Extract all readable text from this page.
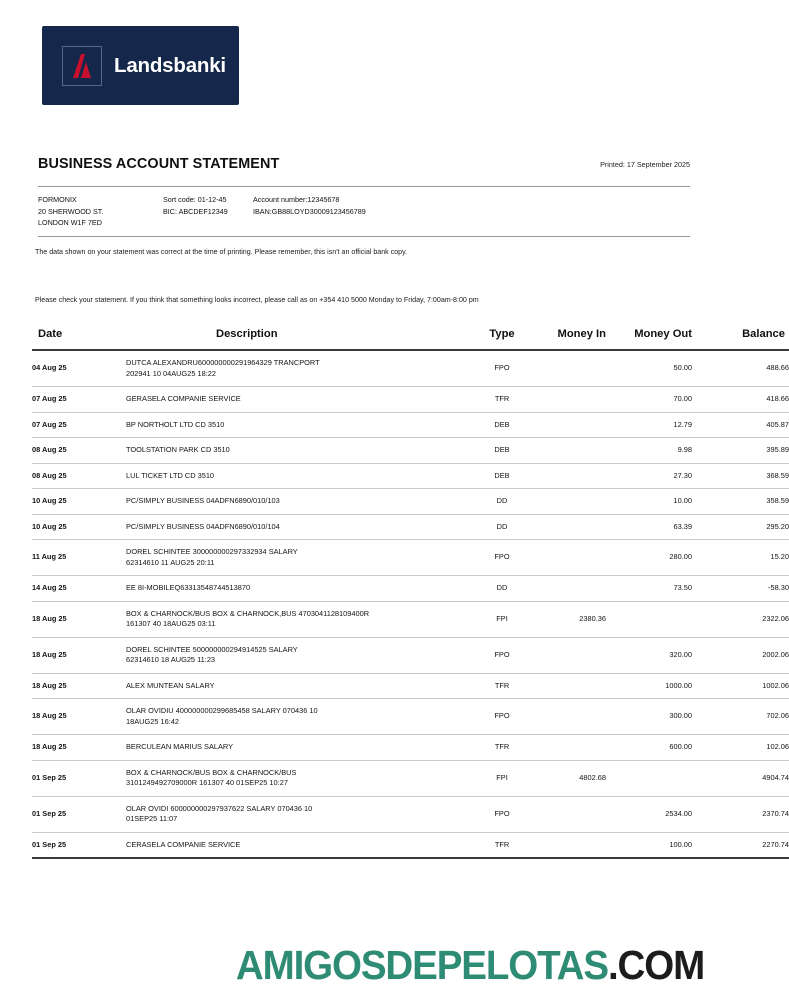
Landsbanki
BUSINESS ACCOUNT STATEMENT	Printed: 17 September 2025
FORMONIX
20 SHERWOOD ST.
LONDON W1F 7ED
Sort code: 01-12-45	Account number:12345678
BIC: ABCDEF12349	IBAN:GB88LOYD30009123456789
The data shown on your statement was correct at the time of printing. Please remember, this isn't an official bank copy.
Please check your statement. If you think that something looks incorrect, please call as on +354 410 5000 Monday to Friday, 7:00am-8:00 pm
Date	Description	Type	Money In	Money Out	Balance
04 Aug 25	DUTCA ALEXANDRU600000000291964329 TRANCPORT
202941 10 04AUG25 18:22	FPO		50.00	488.66
07 Aug 25	GERASELA COMPANIE SERVICE	TFR		70.00	418.66
07 Aug 25	BP NORTHOLT LTD CD 3510	DEB		12.79	405.87
08 Aug 25	TOOLSTATION PARK CD 3510	DEB		9.98	395.89
08 Aug 25	LUL TICKET LTD CD 3510	DEB		27.30	368.59
10 Aug 25	PC/SIMPLY BUSINESS 04ADFN6890/010/103	DD		10.00	358.59
10 Aug 25	PC/SIMPLY BUSINESS 04ADFN6890/010/104	DD		63.39	295.20
11 Aug 25	DOREL SCHINTEE 300000000297332934 SALARY
62314610 11 AUG25 20:11	FPO		280.00	15.20
14 Aug 25	EE 8I-MOBILEQ63313548744513870	DD		73.50	-58.30
18 Aug 25	BOX & CHARNOCK/BUS BOX & CHARNOCK,BUS 4703041128109400R
161307 40 18AUG25 03:11	FPI	2380.36		2322.06
18 Aug 25	DOREL SCHINTEE 500000000294914525 SALARY
62314610 18 AUG25 11:23	FPO		320.00	2002.06
18 Aug 25	ALEX MUNTEAN SALARY	TFR		1000.00	1002.06
18 Aug 25	OLAR OVIDIU 400000000299685458 SALARY 070436 10
18AUG25 16:42	FPO		300.00	702.06
18 Aug 25	BERCULEAN MARIUS SALARY	TFR		600.00	102.06
01 Sep 25	BOX & CHARNOCK/BUS BOX & CHARNOCK/BUS
3101249492709000R 161307 40 01SEP25 10:27	FPI	4802.68		4904.74
01 Sep 25	OLAR OVIDI 600000000297937622 SALARY 070436 10
01SEP25 11:07	FPO		2534.00	2370.74
01 Sep 25	CERASELA COMPANIE SERVICE	TFR		100.00	2270.74
AMIGOSDEPELOTAS.COM
